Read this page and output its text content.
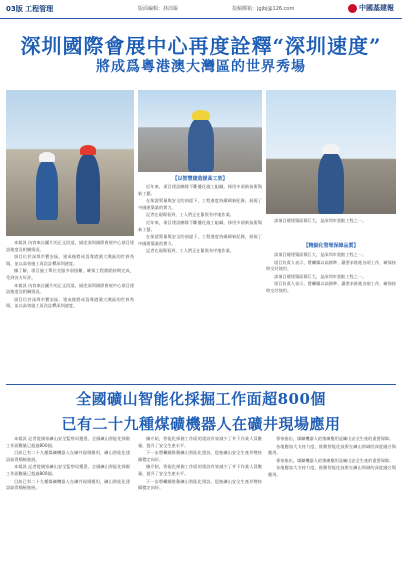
03版 工程管理	版面編輯：林沛錕	投稿郵箱：jgjbj@126.com	中國基建報
深圳國際會展中心再度詮釋“深圳速度”
將成爲粵港澳大灣區的世界秀場

本報訊 內容來自圖片的正文段落，描述深圳國際會展中心項目建設進度及相關情況。

項目位於深圳市寶安區，建成後將成爲粵港澳大灣區的世界秀場，並以高效施工再次詮釋深圳速度。

據了解，項目施工單位克服多項困難，確保工程節點按期完成，受到各方好評。

本報訊 內容來自圖片的正文段落，描述深圳國際會展中心項目建設進度及相關情況。

項目位於深圳市寶安區，建成後將成爲粵港澳大灣區的世界秀場，並以高效施工再次詮釋深圳速度。

【以智慧建造提高工效】

近年來，項目建設團隊不斷優化施工組織，採用多項新技術與新工藝。

在保證質量與安全的前提下，工程進度持續刷新紀錄，展現了中國建築業的實力。

記者在現場看到，工人們正在緊張有序地作業。

近年來，項目建設團隊不斷優化施工組織，採用多項新技術與新工藝。

在保證質量與安全的前提下，工程進度持續刷新紀錄，展現了中國建築業的實力。

記者在現場看到，工人們正在緊張有序地作業。

該項目總建築面積巨大，是深圳市重點工程之一。

【精細化管理保障品質】

該項目總建築面積巨大，是深圳市重點工程之一。

項目負責人表示，將繼續以高標準、嚴要求推進各項工作，確保按時交付使用。

該項目總建築面積巨大，是深圳市重點工程之一。

項目負責人表示，將繼續以高標準、嚴要求推進各項工作，確保按時交付使用。

全國礦山智能化採掘工作面超800個
已有二十九種煤礦機器人在礦井現場應用

本報訊 記者從國家礦山安全監察局獲悉，全國礦山智能化採掘工作面數量已超過800個。

目前已有二十九種煤礦機器人在礦井現場應用，礦山智能化建設取得積極進展。

本報訊 記者從國家礦山安全監察局獲悉，全國礦山智能化採掘工作面數量已超過800個。

目前已有二十九種煤礦機器人在礦井現場應用，礦山智能化建設取得積極進展。

據介紹，智能化採掘工作面的建設有效減少了井下作業人員數量，提升了安全生產水平。

下一步將繼續推動礦山智能化建設，促進礦山安全生產形勢持續穩定向好。

據介紹，智能化採掘工作面的建設有效減少了井下作業人員數量，提升了安全生產水平。

下一步將繼續推動礦山智能化建設，促進礦山安全生產形勢持續穩定向好。

專家指出，煤礦機器人的推廣應用是礦山安全生產的重要保障。

各地應加大支持力度，推動智能化技術在礦山領域的深度融合與應用。

專家指出，煤礦機器人的推廣應用是礦山安全生產的重要保障。

各地應加大支持力度，推動智能化技術在礦山領域的深度融合與應用。
